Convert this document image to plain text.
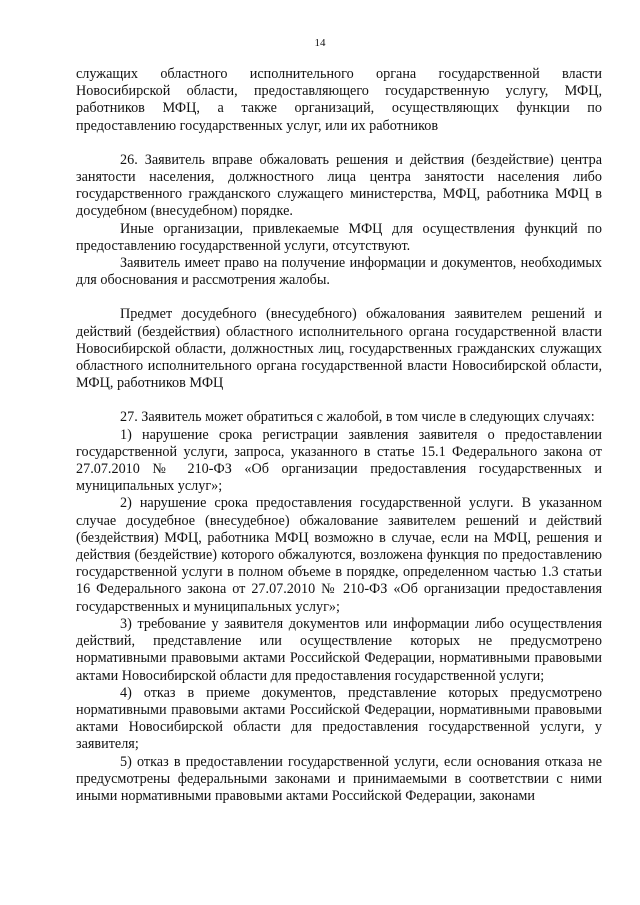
14

служащих областного исполнительного органа государственной власти Новосибирской области, предоставляющего государственную услугу, МФЦ, работников МФЦ, а также организаций, осуществляющих функции по предоставлению государственных услуг, или их работников

26. Заявитель вправе обжаловать решения и действия (бездействие) центра занятости населения, должностного лица центра занятости населения либо государственного гражданского служащего министерства, МФЦ, работника МФЦ в досудебном (внесудебном) порядке.

Иные организации, привлекаемые МФЦ для осуществления функций по предоставлению государственной услуги, отсутствуют.

Заявитель имеет право на получение информации и документов, необходимых для обоснования и рассмотрения жалобы.

Предмет досудебного (внесудебного) обжалования заявителем решений и действий (бездействия) областного исполнительного органа государственной власти Новосибирской области, должностных лиц, государственных гражданских служащих областного исполнительного органа государственной власти Новосибирской области, МФЦ, работников МФЦ

27. Заявитель может обратиться с жалобой, в том числе в следующих случаях:

1) нарушение срока регистрации заявления заявителя о предоставлении государственной услуги, запроса, указанного в статье 15.1 Федерального закона от 27.07.2010 № 210-ФЗ «Об организации предоставления государственных и муниципальных услуг»;

2) нарушение срока предоставления государственной услуги. В указанном случае досудебное (внесудебное) обжалование заявителем решений и действий (бездействия) МФЦ, работника МФЦ возможно в случае, если на МФЦ, решения и действия (бездействие) которого обжалуются, возложена функция по предоставлению государственной услуги в полном объеме в порядке, определенном частью 1.3 статьи 16 Федерального закона от 27.07.2010 № 210-ФЗ «Об организации предоставления государственных и муниципальных услуг»;

3) требование у заявителя документов или информации либо осуществления действий, представление или осуществление которых не предусмотрено нормативными правовыми актами Российской Федерации, нормативными правовыми актами Новосибирской области для предоставления государственной услуги;

4) отказ в приеме документов, представление которых предусмотрено нормативными правовыми актами Российской Федерации, нормативными правовыми актами Новосибирской области для предоставления государственной услуги, у заявителя;

5) отказ в предоставлении государственной услуги, если основания отказа не предусмотрены федеральными законами и принимаемыми в соответствии с ними иными нормативными правовыми актами Российской Федерации, законами
